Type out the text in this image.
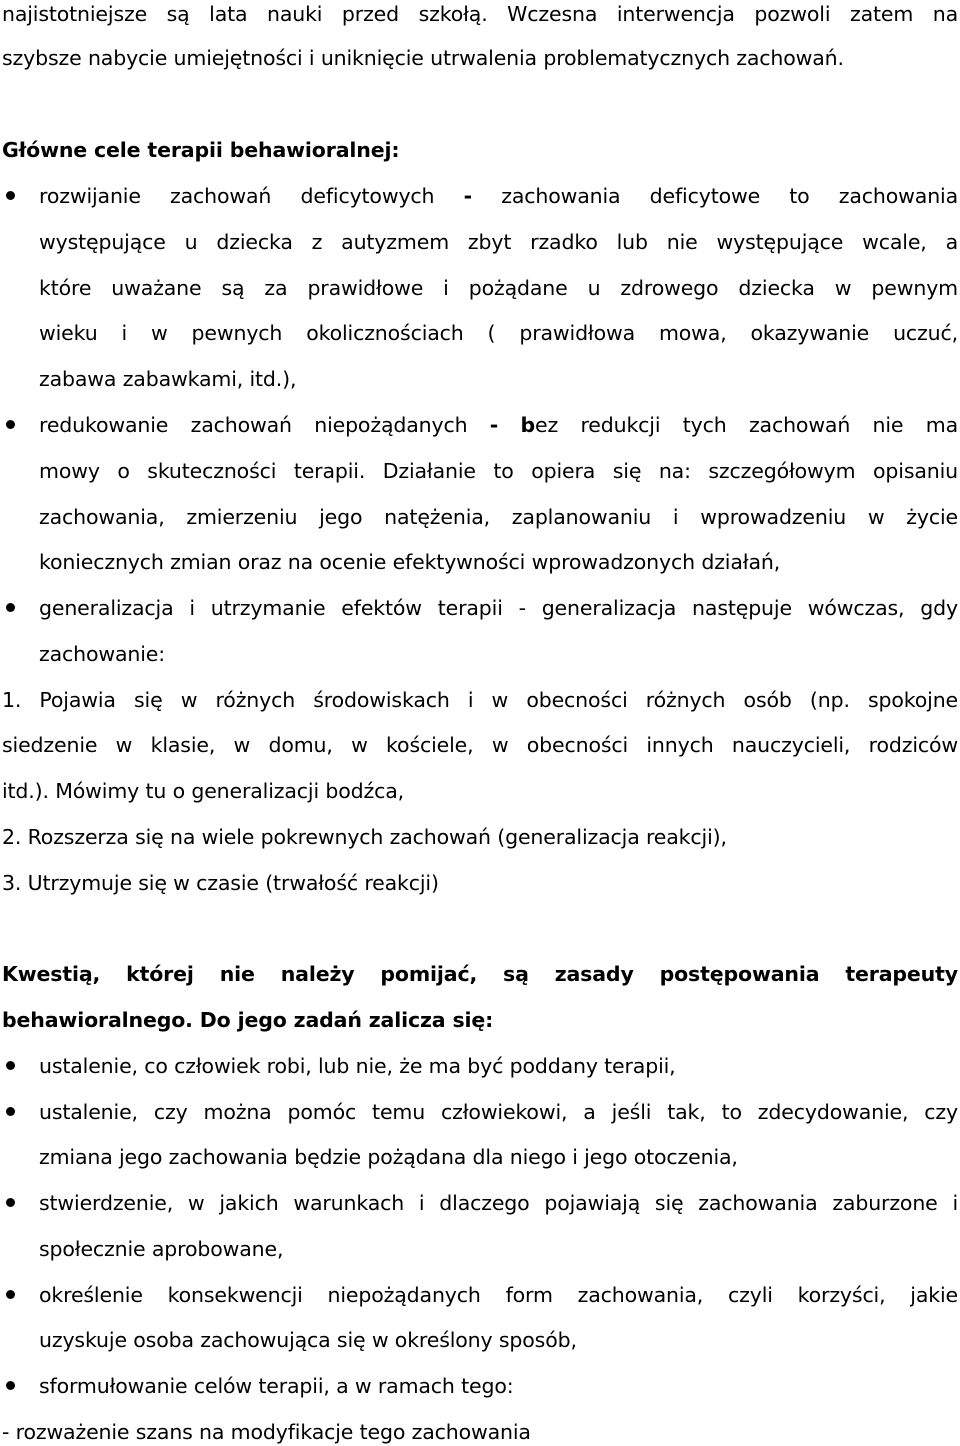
najistotniejsze są lata nauki przed szkołą. Wczesna interwencja pozwoli zatem na
szybsze nabycie umiejętności i uniknięcie utrwalenia problematycznych zachowań.
Główne cele terapii behawioralnej:
rozwijanie zachowań deficytowych - zachowania deficytowe to zachowania
występujące u dziecka z autyzmem zbyt rzadko lub nie występujące wcale, a
które uważane są za prawidłowe i pożądane u zdrowego dziecka w pewnym
wieku i w pewnych okolicznościach ( prawidłowa mowa, okazywanie uczuć,
zabawa zabawkami, itd.),
redukowanie zachowań niepożądanych - bez redukcji tych zachowań nie ma
mowy o skuteczności terapii. Działanie to opiera się na: szczegółowym opisaniu
zachowania, zmierzeniu jego natężenia, zaplanowaniu i wprowadzeniu w życie
koniecznych zmian oraz na ocenie efektywności wprowadzonych działań,
generalizacja i utrzymanie efektów terapii - generalizacja następuje wówczas, gdy
zachowanie:
1. Pojawia się w różnych środowiskach i w obecności różnych osób (np. spokojne
siedzenie w klasie, w domu, w kościele, w obecności innych nauczycieli, rodziców
itd.). Mówimy tu o generalizacji bodźca,
2. Rozszerza się na wiele pokrewnych zachowań (generalizacja reakcji),
3. Utrzymuje się w czasie (trwałość reakcji)
Kwestią, której nie należy pomijać, są zasady postępowania terapeuty
behawioralnego. Do jego zadań zalicza się:
ustalenie, co człowiek robi, lub nie, że ma być poddany terapii,
ustalenie, czy można pomóc temu człowiekowi, a jeśli tak, to zdecydowanie, czy
zmiana jego zachowania będzie pożądana dla niego i jego otoczenia,
stwierdzenie, w jakich warunkach i dlaczego pojawiają się zachowania zaburzone i
społecznie aprobowane,
określenie konsekwencji niepożądanych form zachowania, czyli korzyści, jakie
uzyskuje osoba zachowująca się w określony sposób,
sformułowanie celów terapii, a w ramach tego:
- rozważenie szans na modyfikacje tego zachowania
